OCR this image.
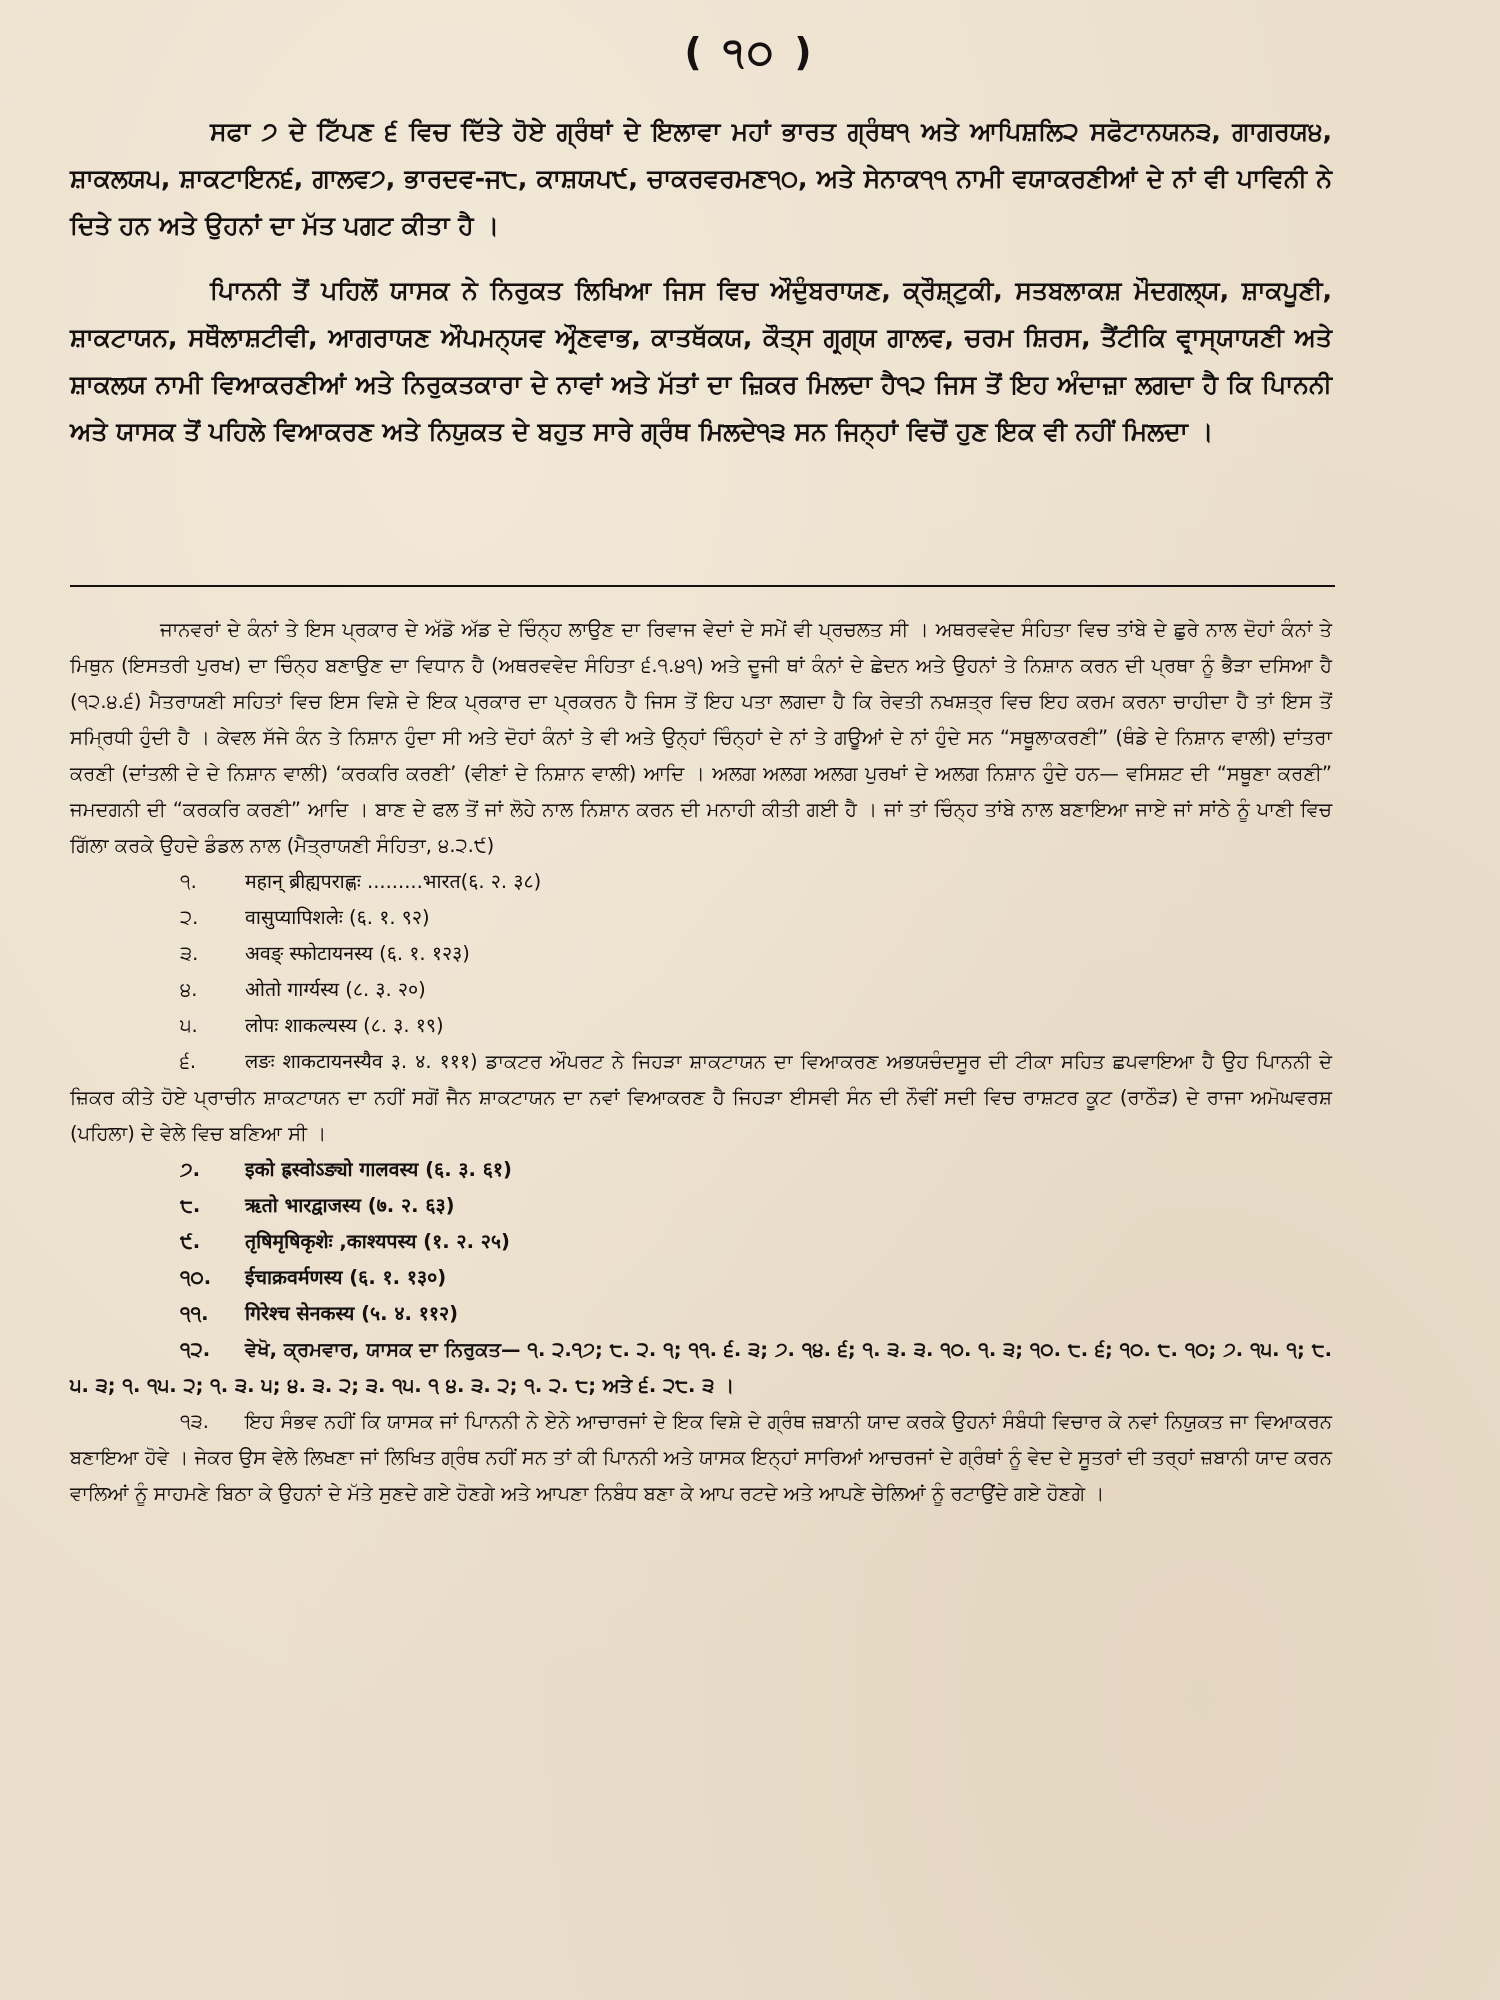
( ੧੦ )

ਸਫਾ ੭ ਦੇ ਟਿੱਪਣ ੬ ਵਿਚ ਦਿੱਤੇ ਹੋਏ ਗ੍ਰੰਥਾਂ ਦੇ ਇਲਾਵਾ ਮਹਾਂ ਭਾਰਤ ਗ੍ਰੰਥ੧ ਅਤੇ ਆਪਿਸ਼ਲਿ੨ ਸਫੋਟਾਨਯਨ੩, ਗਾਗਰਯ੪, ਸ਼ਾਕਲਯ੫, ਸ਼ਾਕਟਾਇਨ੬, ਗਾਲਵ੭, ਭਾਰਦਵ-ਜ੮, ਕਾਸ਼ਯਪ੯, ਚਾਕਰਵਰਮਣ੧੦, ਅਤੇ ਸੇਨਾਕ੧੧ ਨਾਮੀ ਵਯਾਕਰਣੀਆਂ ਦੇ ਨਾਂ ਵੀ ਪਾਵਿਨੀ ਨੇ ਦਿਤੇ ਹਨ ਅਤੇ ਉਹਨਾਂ ਦਾ ਮੱਤ ਪਗਟ ਕੀਤਾ ਹੈ ।

ਪਾਿਨਨੀ ਤੋਂ ਪਹਿਲੋਂ ਯਾਸਕ ਨੇ ਨਿਰੁਕਤ ਲਿਖਿਆ ਜਿਸ ਵਿਚ ਔਦੁੰਬਰਾਯਣ, ਕ੍ਰੌਸ਼੍ਟੁਕੀ, ਸਤਬਲਾਕਸ਼ ਮੌਦਗਲ੍ਯ, ਸ਼ਾਕਪੂਣੀ, ਸ਼ਾਕਟਾਯਨ, ਸਥੌਲਾਸ਼ਟੀਵੀ, ਆਗਰਾਯਣ ਔਪਮਨ੍ਯਵ ਔਰ੍ਣਵਾਭ, ਕਾਤਥੱਕਯ, ਕੌਤ੍ਸ ਗਰ੍ਗ੍ਯ ਗਾਲਵ, ਚਰਮ ਸ਼ਿਰਸ, ਤੈਂਟੀਕਿ ਵਾਰ੍ਸ੍ਯਾਯਣੀ ਅਤੇ ਸ਼ਾਕਲਯ ਨਾਮੀ ਵਿਆਕਰਣੀਆਂ ਅਤੇ ਨਿਰੁਕਤਕਾਰਾ ਦੇ ਨਾਵਾਂ ਅਤੇ ਮੱਤਾਂ ਦਾ ਜ਼ਿਕਰ ਮਿਲਦਾ ਹੈ੧੨ ਜਿਸ ਤੋਂ ਇਹ ਅੰਦਾਜ਼ਾ ਲਗਦਾ ਹੈ ਕਿ ਪਾਿਨਨੀ ਅਤੇ ਯਾਸਕ ਤੋਂ ਪਹਿਲੇ ਵਿਆਕਰਣ ਅਤੇ ਨਿਯੁਕਤ ਦੇ ਬਹੁਤ ਸਾਰੇ ਗ੍ਰੰਥ ਮਿਲਦੇ੧੩ ਸਨ ਜਿਨ੍ਹਾਂ ਵਿਚੋਂ ਹੁਣ ਇਕ ਵੀ ਨਹੀਂ ਮਿਲਦਾ ।

ਜਾਨਵਰਾਂ ਦੇ ਕੰਨਾਂ ਤੇ ਇਸ ਪ੍ਰਕਾਰ ਦੇ ਅੱਡੋ ਅੱਡ ਦੇ ਚਿੰਨ੍ਹ ਲਾਉਣ ਦਾ ਰਿਵਾਜ ਵੇਦਾਂ ਦੇ ਸਮੇਂ ਵੀ ਪ੍ਰਚਲਤ ਸੀ । ਅਥਰਵਵੇਦ ਸੰਹਿਤਾ ਵਿਚ ਤਾਂਬੇ ਦੇ ਛੁਰੇ ਨਾਲ ਦੋਹਾਂ ਕੰਨਾਂ ਤੇ ਮਿਥੁਨ (ਇਸਤਰੀ ਪੁਰਖ) ਦਾ ਚਿੰਨ੍ਹ ਬਣਾਉਣ ਦਾ ਵਿਧਾਨ ਹੈ (ਅਥਰਵਵੇਦ ਸੰਹਿਤਾ ੬.੧.੪੧) ਅਤੇ ਦੂਜੀ ਥਾਂ ਕੰਨਾਂ ਦੇ ਛੇਦਨ ਅਤੇ ਉਹਨਾਂ ਤੇ ਨਿਸ਼ਾਨ ਕਰਨ ਦੀ ਪ੍ਰਥਾ ਨੂੰ ਭੈੜਾ ਦਸਿਆ ਹੈ (੧੨.੪.੬) ਮੈਤਰਾਯਣੀ ਸਹਿਤਾਂ ਵਿਚ ਇਸ ਵਿਸ਼ੇ ਦੇ ਇਕ ਪ੍ਰਕਾਰ ਦਾ ਪ੍ਰਕਰਨ ਹੈ ਜਿਸ ਤੋਂ ਇਹ ਪਤਾ ਲਗਦਾ ਹੈ ਕਿ ਰੇਵਤੀ ਨਖਸ਼ਤ੍ਰ ਵਿਚ ਇਹ ਕਰਮ ਕਰਨਾ ਚਾਹੀਦਾ ਹੈ ਤਾਂ ਇਸ ਤੋਂ ਸਮ੍ਰਿਧੀ ਹੁੰਦੀ ਹੈ । ਕੇਵਲ ਸੱਜੇ ਕੰਨ ਤੇ ਨਿਸ਼ਾਨ ਹੁੰਦਾ ਸੀ ਅਤੇ ਦੋਹਾਂ ਕੰਨਾਂ ਤੇ ਵੀ ਅਤੇ ਉਨ੍ਹਾਂ ਚਿੰਨ੍ਹਾਂ ਦੇ ਨਾਂ ਤੇ ਗਊਆਂ ਦੇ ਨਾਂ ਹੁੰਦੇ ਸਨ “ਸਥੂਲਾਕਰਣੀ” (ਥੰਡੇ ਦੇ ਨਿਸ਼ਾਨ ਵਾਲੀ) ਦਾਂਤਰਾ ਕਰਣੀ (ਦਾਂਤਲੀ ਦੇ ਦੇ ਨਿਸ਼ਾਨ ਵਾਲੀ) ‘ਕਰਕਰਿ ਕਰਣੀ’ (ਵੀਣਾਂ ਦੇ ਨਿਸ਼ਾਨ ਵਾਲੀ) ਆਦਿ । ਅਲਗ ਅਲਗ ਅਲਗ ਪੁਰਖਾਂ ਦੇ ਅਲਗ ਨਿਸ਼ਾਨ ਹੁੰਦੇ ਹਨ— ਵਸਿਸ਼ਟ ਦੀ “ਸਥੂਣਾ ਕਰਣੀ” ਜਮਦਗਨੀ ਦੀ “ਕਰਕਰਿ ਕਰਣੀ” ਆਦਿ । ਬਾਣ ਦੇ ਫਲ ਤੋਂ ਜਾਂ ਲੋਹੇ ਨਾਲ ਨਿਸ਼ਾਨ ਕਰਨ ਦੀ ਮਨਾਹੀ ਕੀਤੀ ਗਈ ਹੈ । ਜਾਂ ਤਾਂ ਚਿੰਨ੍ਹ ਤਾਂਬੇ ਨਾਲ ਬਣਾਇਆ ਜਾਏ ਜਾਂ ਸਾਂਠੇ ਨੂੰ ਪਾਣੀ ਵਿਚ ਗਿੱਲਾ ਕਰਕੇ ਉਹਦੇ ਡੰਡਲ ਨਾਲ (ਮੈਤ੍ਰਾਯਣੀ ਸੰਹਿਤਾ, ੪.੨.੯)

੧. महान् ब्रीह्यपराह्णः .........भारत(६. २. ३८)

੨. वासुप्यापिशलेः (६. १. ९२)

੩. अवङ् स्फोटायनस्य (६. १. १२३)

੪. ओतो गार्ग्यस्य (८. ३. २०)

੫. लोपः शाकल्यस्य (८. ३. १९)

੬.	लङः शाकटायनस्यैव ३. ४. १११) ਡਾਕਟਰ ਔਪਰਟ ਨੇ ਜਿਹੜਾ ਸ਼ਾਕਟਾਯਨ ਦਾ ਵਿਆਕਰਣ ਅਭਯਚੰਦਸੂਰ ਦੀ ਟੀਕਾ ਸਹਿਤ ਛਪਵਾਇਆ ਹੈ ਉਹ ਪਾਿਨਨੀ ਦੇ ਜ਼ਿਕਰ ਕੀਤੇ ਹੋਏ ਪ੍ਰਾਚੀਨ ਸ਼ਾਕਟਾਯਨ ਦਾ ਨਹੀਂ ਸਗੋਂ ਜੈਨ ਸ਼ਾਕਟਾਯਨ ਦਾ ਨਵਾਂ ਵਿਆਕਰਣ ਹੈ ਜਿਹੜਾ ਈਸਵੀ ਸੰਨ ਦੀ ਨੌਵੀਂ ਸਦੀ ਵਿਚ ਰਾਸ਼ਟਰ ਕੂਟ (ਰਾਠੌੜ) ਦੇ ਰਾਜਾ ਅਮੋਘਵਰਸ਼ (ਪਹਿਲਾ) ਦੇ ਵੇਲੇ ਵਿਚ ਬਣਿਆ ਸੀ ।

੭. इको ह्रस्वोऽङ्यो गालवस्य (६. ३. ६१)

੮. ऋतो भारद्वाजस्य (७. २. ६३)

੯. तृषिमृषिकृशेः ,काश्यपस्य (१. २. २५)

੧੦. ईचाक्रवर्मणस्य (६. १. १३०)

੧੧. गिरेश्च सेनकस्य (५. ४. ११२)

੧੨. ਵੇਖੋ, ਕ੍ਰਮਵਾਰ, ਯਾਸਕ ਦਾ ਨਿਰੁਕਤ— ੧. ੨.੧੭; ੮. ੨. ੧; ੧੧. ੬. ੩; ੭. ੧੪. ੬; ੧. ੩. ੩. ੧੦. ੧. ੩; ੧੦. ੮. ੬; ੧੦. ੮. ੧੦; ੭. ੧੫. ੧; ੮. ੫. ੩; ੧. ੧੫. ੨; ੧. ੩. ੫; ੪. ੩. ੨; ੩. ੧੫. ੧ ੪. ੩. ੨; ੧. ੨. ੮; ਅਤੇ ੬. ੨੮. ੩ ।

੧੩. ਇਹ ਸੰਭਵ ਨਹੀਂ ਕਿ ਯਾਸਕ ਜਾਂ ਪਾਿਨਨੀ ਨੇ ਏਨੇ ਆਚਾਰਜਾਂ ਦੇ ਇਕ ਵਿਸ਼ੇ ਦੇ ਗ੍ਰੰਥ ਜ਼ਬਾਨੀ ਯਾਦ ਕਰਕੇ ਉਹਨਾਂ ਸੰਬੰਧੀ ਵਿਚਾਰ ਕੇ ਨਵਾਂ ਨਿਯੁਕਤ ਜਾ ਵਿਆਕਰਨ ਬਣਾਇਆ ਹੋਵੇ । ਜੇਕਰ ਉਸ ਵੇਲੇ ਲਿਖਣਾ ਜਾਂ ਲਿਖਿਤ ਗ੍ਰੰਥ ਨਹੀਂ ਸਨ ਤਾਂ ਕੀ ਪਾਿਨਨੀ ਅਤੇ ਯਾਸਕ ਇਨ੍ਹਾਂ ਸਾਰਿਆਂ ਆਚਰਜਾਂ ਦੇ ਗ੍ਰੰਥਾਂ ਨੂੰ ਵੇਦ ਦੇ ਸੂਤਰਾਂ ਦੀ ਤਰ੍ਹਾਂ ਜ਼ਬਾਨੀ ਯਾਦ ਕਰਨ ਵਾਲਿਆਂ ਨੂੰ ਸਾਹਮਣੇ ਬਿਠਾ ਕੇ ਉਹਨਾਂ ਦੇ ਮੱਤੇ ਸੁਣਦੇ ਗਏ ਹੋਣਗੇ ਅਤੇ ਆਪਣਾ ਨਿਬੰਧ ਬਣਾ ਕੇ ਆਪ ਰਟਦੇ ਅਤੇ ਆਪਣੇ ਚੇਲਿਆਂ ਨੂੰ ਰਟਾਉਂਦੇ ਗਏ ਹੋਣਗੇ ।
